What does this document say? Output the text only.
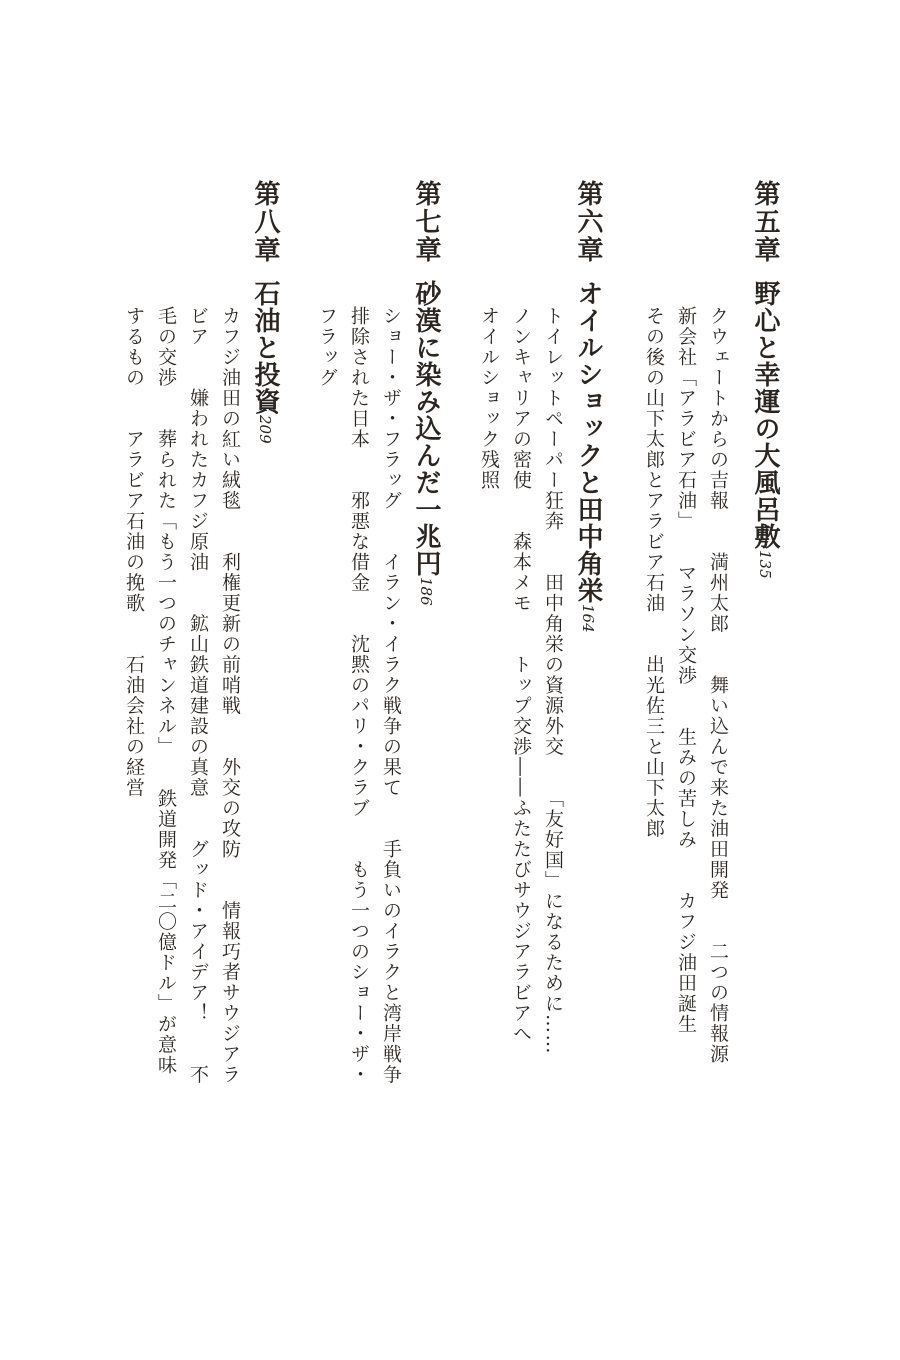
第五章
野心と幸運の大風呂敷135
クウェートからの吉報　　満州太郎　　舞い込んで来た油田開発　　二つの情報源
新会社「アラビア石油」　　マラソン交渉　　生みの苦しみ　　カフジ油田誕生
その後の山下太郎とアラビア石油　　出光佐三と山下太郎
第六章
オイルショックと田中角栄164
トイレットペーパー狂奔　　田中角栄の資源外交　　「友好国」になるために……
ノンキャリアの密使　　森本メモ　　トップ交渉――ふたたびサウジアラビアへ
オイルショック残照
第七章
砂漠に染み込んだ一兆円186
ショー・ザ・フラッグ　　イラン・イラク戦争の果て　　手負いのイラクと湾岸戦争
排除された日本　　邪悪な借金　　沈黙のパリ・クラブ　　もう一つのショー・ザ・
フラッグ
第八章
石油と投資209
カフジ油田の紅い絨毯　　利権更新の前哨戦　　外交の攻防　　情報巧者サウジアラ
ビア　　嫌われたカフジ原油　　鉱山鉄道建設の真意　　グッド・アイデア！　　不
毛の交渉　　葬られた「もう一つのチャンネル」　　鉄道開発「二〇億ドル」が意味
するもの　　アラビア石油の挽歌　　石油会社の経営
